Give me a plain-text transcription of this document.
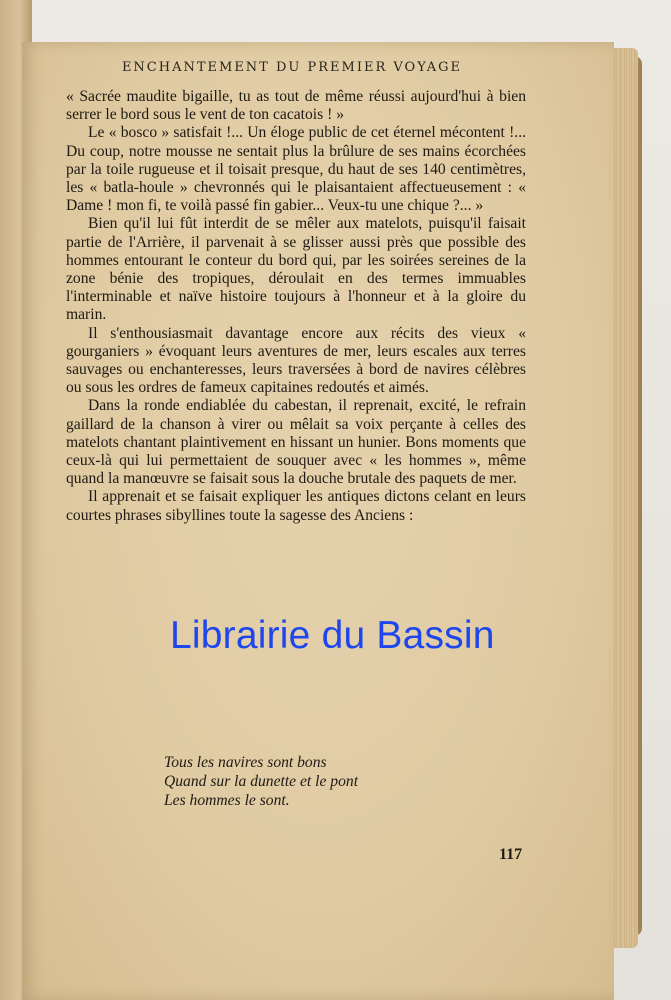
ENCHANTEMENT DU PREMIER VOYAGE

« Sacrée maudite bigaille, tu as tout de même réussi aujourd'hui à bien serrer le bord sous le vent de ton cacatois ! »

Le « bosco » satisfait !... Un éloge public de cet éternel mécontent !... Du coup, notre mousse ne sentait plus la brûlure de ses mains écorchées par la toile rugueuse et il toisait presque, du haut de ses 140 centimètres, les « batla-houle » chevronnés qui le plaisantaient affectueusement : « Dame ! mon fi, te voilà passé fin gabier... Veux-tu une chique ?... »

Bien qu'il lui fût interdit de se mêler aux matelots, puisqu'il faisait partie de l'Arrière, il parvenait à se glisser aussi près que possible des hommes entourant le conteur du bord qui, par les soirées sereines de la zone bénie des tropiques, déroulait en des termes immuables l'interminable et naïve histoire toujours à l'honneur et à la gloire du marin.

Il s'enthousiasmait davantage encore aux récits des vieux « gourganiers » évoquant leurs aventures de mer, leurs escales aux terres sauvages ou enchanteresses, leurs traversées à bord de navires célèbres ou sous les ordres de fameux capitaines redoutés et aimés.

Dans la ronde endiablée du cabestan, il reprenait, excité, le refrain gaillard de la chanson à virer ou mêlait sa voix perçante à celles des matelots chantant plaintivement en hissant un hunier. Bons moments que ceux-là qui lui permettaient de souquer avec « les hommes », même quand la manœuvre se faisait sous la douche brutale des paquets de mer.

Il apprenait et se faisait expliquer les antiques dictons celant en leurs courtes phrases sibyllines toute la sagesse des Anciens :

Tous les navires sont bons
Quand sur la dunette et le pont
Les hommes le sont.
117
Librairie du Bassin
